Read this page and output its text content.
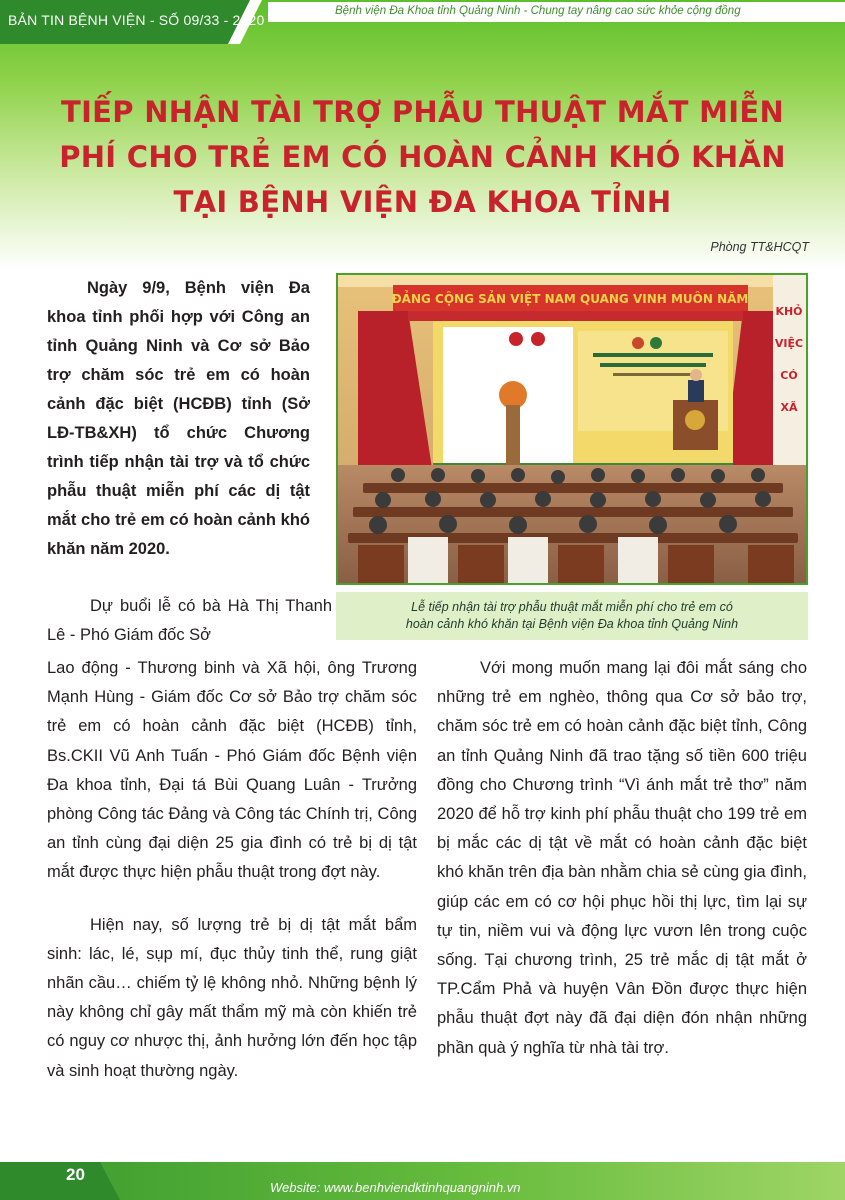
Bệnh viện Đa Khoa tỉnh Quảng Ninh - Chung tay nâng cao sức khỏe cộng đồng
BẢN TIN BỆNH VIỆN - SỐ 09/33 - 2020
TIẾP NHẬN TÀI TRỢ PHẪU THUẬT MẮT MIỄN
PHÍ CHO TRẺ EM CÓ HOÀN CẢNH KHÓ KHĂN
TẠI BỆNH VIỆN ĐA KHOA TỈNH
Phòng TT&HCQT

Ngày 9/9, Bệnh viện Đa khoa tỉnh phối hợp với Công an tỉnh Quảng Ninh và Cơ sở Bảo trợ chăm sóc trẻ em có hoàn cảnh đặc biệt (HCĐB) tỉnh (Sở LĐ-TB&XH) tổ chức Chương trình tiếp nhận tài trợ và tổ chức phẫu thuật miễn phí các dị tật mắt cho trẻ em có hoàn cảnh khó khăn năm 2020.

ĐẢNG CỘNG SẢN VIỆT NAM QUANG VINH MUÔN NĂM
KHỎ VIỆC CÓ XÃ
Lễ tiếp nhận tài trợ phẫu thuật mắt miễn phí cho trẻ em có
hoàn cảnh khó khăn tại Bệnh viện Đa khoa tỉnh Quảng Ninh

Dự buổi lễ có bà Hà Thị Thanh Lê - Phó Giám đốc Sở

Lao động - Thương binh và Xã hội, ông Trương Mạnh Hùng - Giám đốc Cơ sở Bảo trợ chăm sóc trẻ em có hoàn cảnh đặc biệt (HCĐB) tỉnh, Bs.CKII Vũ Anh Tuấn - Phó Giám đốc Bệnh viện Đa khoa tỉnh, Đại tá Bùi Quang Luân - Trưởng phòng Công tác Đảng và Công tác Chính trị, Công an tỉnh cùng đại diện 25 gia đình có trẻ bị dị tật mắt được thực hiện phẫu thuật trong đợt này.

Hiện nay, số lượng trẻ bị dị tật mắt bẩm sinh: lác, lé, sụp mí, đục thủy tinh thể, rung giật nhãn cầu… chiếm tỷ lệ không nhỏ. Những bệnh lý này không chỉ gây mất thẩm mỹ mà còn khiến trẻ có nguy cơ nhược thị, ảnh hưởng lớn đến học tập và sinh hoạt thường ngày.

Với mong muốn mang lại đôi mắt sáng cho những trẻ em nghèo, thông qua Cơ sở bảo trợ, chăm sóc trẻ em có hoàn cảnh đặc biệt tỉnh, Công an tỉnh Quảng Ninh đã trao tặng số tiền 600 triệu đồng cho Chương trình “Vì ánh mắt trẻ thơ” năm 2020 để hỗ trợ kinh phí phẫu thuật cho 199 trẻ em bị mắc các dị tật về mắt có hoàn cảnh đặc biệt khó khăn trên địa bàn nhằm chia sẻ cùng gia đình, giúp các em có cơ hội phục hồi thị lực, tìm lại sự tự tin, niềm vui và động lực vươn lên trong cuộc sống. Tại chương trình, 25 trẻ mắc dị tật mắt ở TP.Cẩm Phả và huyện Vân Đồn được thực hiện phẫu thuật đợt này đã đại diện đón nhận những phần quà ý nghĩa từ nhà tài trợ.

20
Website: www.benhviendktinhquangninh.vn
